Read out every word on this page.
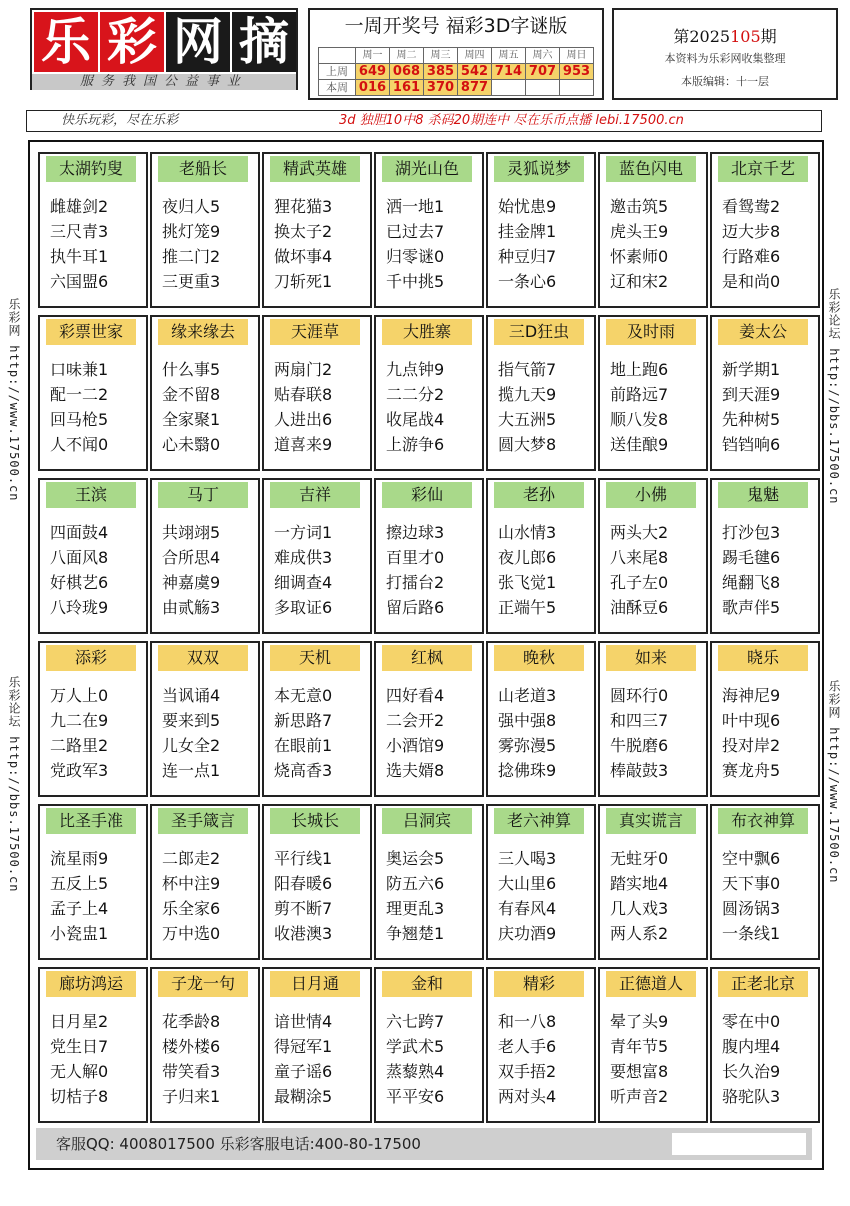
乐 彩 网 摘
服务我国公益事业
一周开奖号 福彩3D字谜版
	周一	周二	周三	周四	周五	周六	周日
上周	649	068	385	542	714	707	953
本周	016	161	370	877			
第2025105期
本资料为乐彩网收集整理
本版编辑：十一层
快乐玩彩，尽在乐彩	3d 独胆10中8 杀码20期连中 尽在乐币点播 lebi.17500.cn
乐彩网 http://www.17500.cn
乐彩论坛 http://bbs.17500.cn
乐彩论坛 http://bbs.17500.cn
乐彩网 http://www.17500.cn
太湖钓叟
雌雄剑2
三尺青3
执牛耳1
六国盟6
老船长
夜归人5
挑灯笼9
推二门2
三更重3
精武英雄
狸花猫3
换太子2
做坏事4
刀斩死1
湖光山色
洒一地1
已过去7
归零谜0
千中挑5
灵狐说梦
始忧患9
挂金牌1
种豆归7
一条心6
蓝色闪电
邀击筑5
虎头王9
怀素师0
辽和宋2
北京千艺
看鸳鸯2
迈大步8
行路难6
是和尚0
彩票世家
口味兼1
配一二2
回马枪5
人不闻0
缘来缘去
什么事5
金不留8
全家聚1
心未翳0
天涯草
两扇门2
贴春联8
人进出6
道喜来9
大胜寨
九点钟9
二二分2
收尾战4
上游争6
三D狂虫
指气箭7
揽九天9
大五洲5
圆大梦8
及时雨
地上跑6
前路远7
顺八发8
送佳酿9
姜太公
新学期1
到天涯9
先种树5
铛铛响6
王滨
四面鼓4
八面风8
好棋艺6
八玲珑9
马丁
共翊翊5
合所思4
神嘉虞9
由贰觞3
吉祥
一方词1
难成供3
细调查4
多取证6
彩仙
擦边球3
百里才0
打擂台2
留后路6
老孙
山水情3
夜儿郎6
张飞觉1
正端午5
小佛
两头大2
八来尾8
孔子左0
油酥豆6
鬼魅
打沙包3
踢毛毽6
绳翻飞8
歌声伴5
添彩
万人上0
九二在9
二路里2
党政军3
双双
当讽诵4
要来到5
儿女全2
连一点1
天机
本无意0
新思路7
在眼前1
烧高香3
红枫
四好看4
二会开2
小酒馆9
选夫婿8
晚秋
山老道3
强中强8
雾弥漫5
捻佛珠9
如来
圆环行0
和四三7
牛脱磨6
棒敲鼓3
晓乐
海神尼9
叶中现6
投对岸2
赛龙舟5
比圣手准
流星雨9
五反上5
孟子上4
小瓷盅1
圣手箴言
二郎走2
杯中注9
乐全家6
万中选0
长城长
平行线1
阳春暖6
剪不断7
收港澳3
吕洞宾
奥运会5
防五六6
理更乱3
争翘楚1
老六神算
三人喝3
大山里6
有春风4
庆功酒9
真实谎言
无蛀牙0
踏实地4
几人戏3
两人系2
布衣神算
空中飘6
天下事0
圆汤锅3
一条线1
廊坊鸿运
日月星2
党生日7
无人解0
切桔子8
子龙一句
花季龄8
楼外楼6
带笑看3
子归来1
日月通
谙世情4
得冠军1
童子谣6
最糊涂5
金和
六七跨7
学武术5
蒸藜熟4
平平安6
精彩
和一八8
老人手6
双手捂2
两对头4
正德道人
晕了头9
青年节5
要想富8
听声音2
正老北京
零在中0
腹内埋4
长久治9
骆驼队3
客服QQ: 4008017500 乐彩客服电话:400-80-17500
